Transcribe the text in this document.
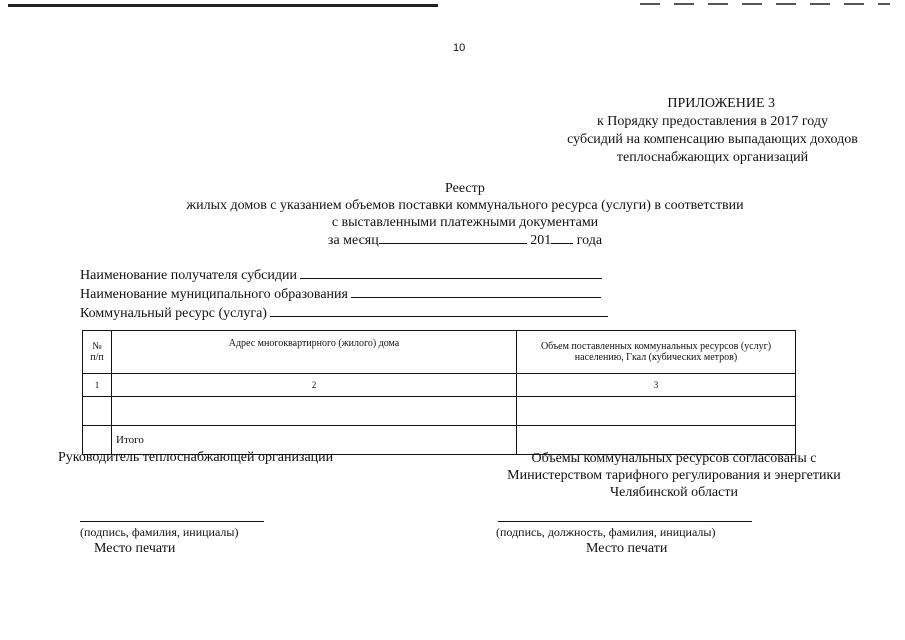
10
ПРИЛОЖЕНИЕ 3
к Порядку предоставления в 2017 году
субсидий на компенсацию выпадающих доходов
теплоснабжающих организаций
Реестр
жилых домов с указанием объемов поставки коммунального ресурса (услуги) в соответствии
с выставленными платежными документами
за месяц	201 года
Наименование получателя субсидии
Наименование муниципального образования
Коммунальный ресурс (услуга)
№ п/п	Адрес многоквартирного (жилого) дома	Объем поставленных коммунальных ресурсов (услуг) населению, Гкал (кубических метров)
1	2	3

	Итого	
Руководитель теплоснабжающей организации	Объемы коммунальных ресурсов согласованы с
Министерством тарифного регулирования и энергетики
Челябинской области
(подпись, фамилия, инициалы)	(подпись, должность, фамилия, инициалы)
Место печати	Место печати
